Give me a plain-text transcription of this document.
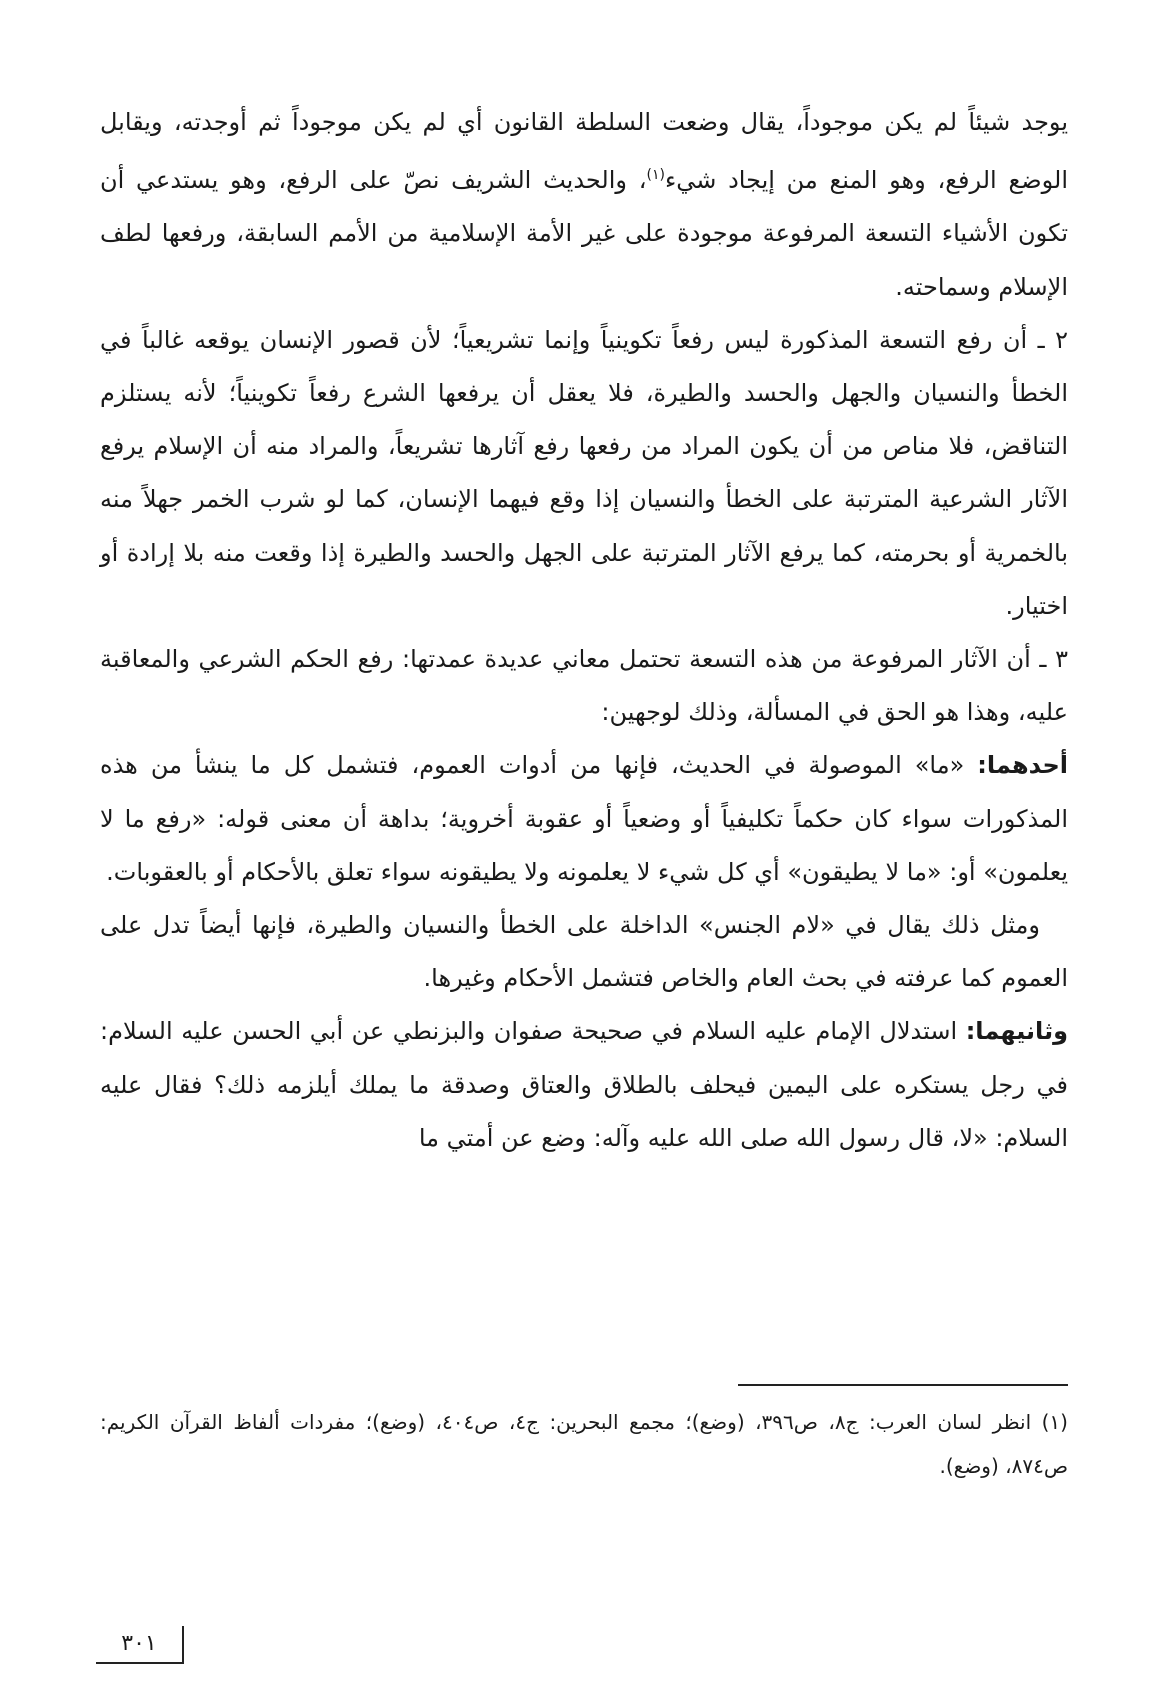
يوجد شيئاً لم يكن موجوداً، يقال وضعت السلطة القانون أي لم يكن موجوداً ثم أوجدته، ويقابل الوضع الرفع، وهو المنع من إيجاد شيء$^{(١)}$، والحديث الشريف نصّ على الرفع، وهو يستدعي أن تكون الأشياء التسعة المرفوعة موجودة على غير الأمة الإسلامية من الأمم السابقة، ورفعها لطف الإسلام وسماحته.

٢ ـ أن رفع التسعة المذكورة ليس رفعاً تكوينياً وإنما تشريعياً؛ لأن قصور الإنسان يوقعه غالباً في الخطأ والنسيان والجهل والحسد والطيرة، فلا يعقل أن يرفعها الشرع رفعاً تكوينياً؛ لأنه يستلزم التناقض، فلا مناص من أن يكون المراد من رفعها رفع آثارها تشريعاً، والمراد منه أن الإسلام يرفع الآثار الشرعية المترتبة على الخطأ والنسيان إذا وقع فيهما الإنسان، كما لو شرب الخمر جهلاً منه بالخمرية أو بحرمته، كما يرفع الآثار المترتبة على الجهل والحسد والطيرة إذا وقعت منه بلا إرادة أو اختيار.

٣ ـ أن الآثار المرفوعة من هذه التسعة تحتمل معاني عديدة عمدتها: رفع الحكم الشرعي والمعاقبة عليه، وهذا هو الحق في المسألة، وذلك لوجهين:

أحدهما: «ما» الموصولة في الحديث، فإنها من أدوات العموم، فتشمل كل ما ينشأ من هذه المذكورات سواء كان حكماً تكليفياً أو وضعياً أو عقوبة أخروية؛ بداهة أن معنى قوله: «رفع ما لا يعلمون» أو: «ما لا يطيقون» أي كل شيء لا يعلمونه ولا يطيقونه سواء تعلق بالأحكام أو بالعقوبات.

ومثل ذلك يقال في «لام الجنس» الداخلة على الخطأ والنسيان والطيرة، فإنها أيضاً تدل على العموم كما عرفته في بحث العام والخاص فتشمل الأحكام وغيرها.

وثانيهما: استدلال الإمام عليه السلام في صحيحة صفوان والبزنطي عن أبي الحسن عليه السلام: في رجل يستكره على اليمين فيحلف بالطلاق والعتاق وصدقة ما يملك أيلزمه ذلك؟ فقال عليه السلام: «لا، قال رسول الله صلى الله عليه وآله: وضع عن أمتي ما

(١) انظر لسان العرب: ج٨، ص٣٩٦، (وضع)؛ مجمع البحرين: ج٤، ص٤٠٤، (وضع)؛ مفردات ألفاظ القرآن الكريم: ص٨٧٤، (وضع).

٣٠١
